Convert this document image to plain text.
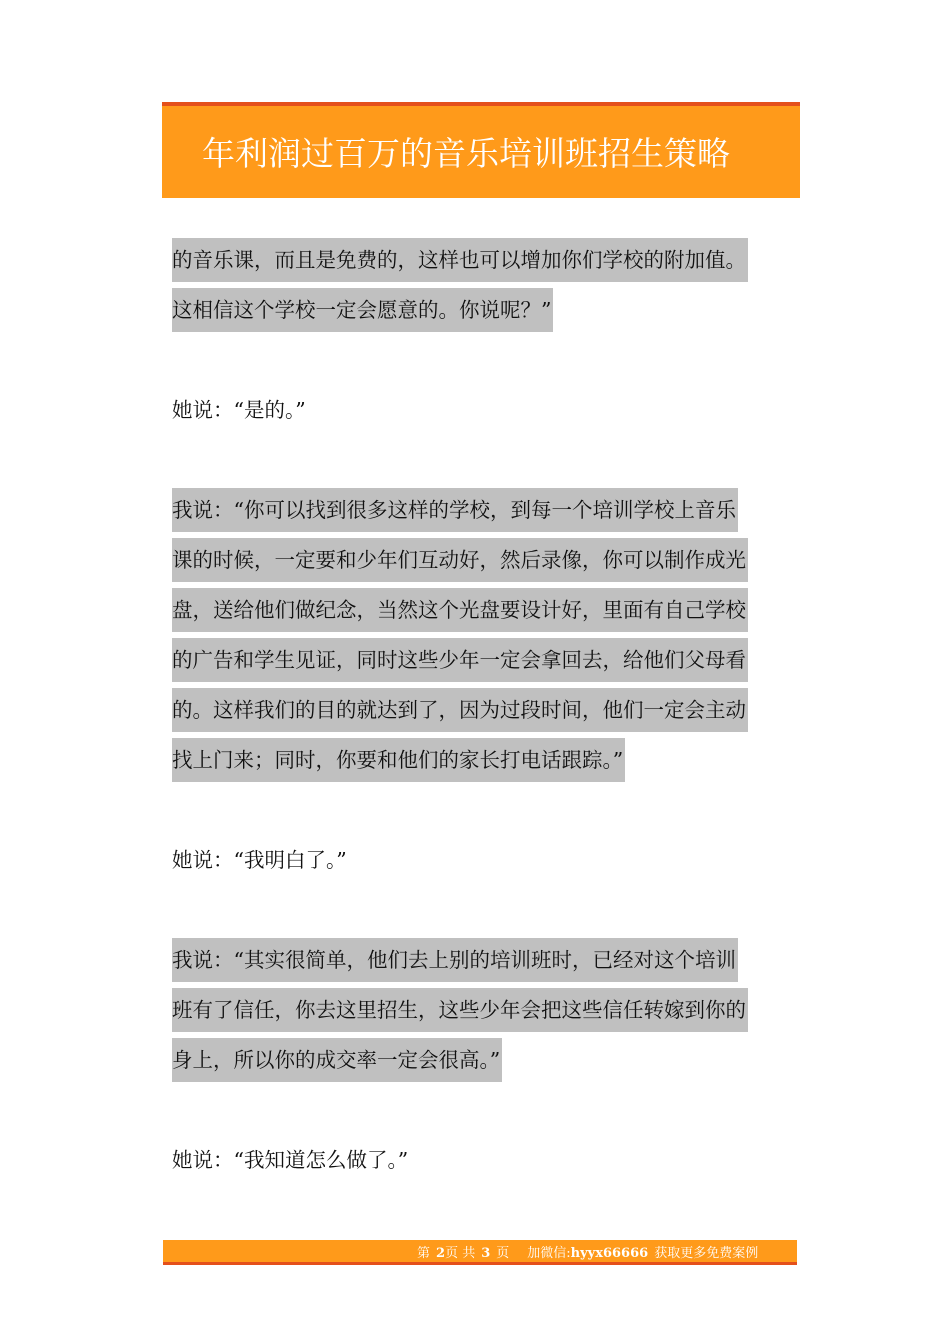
年利润过百万的音乐培训班招生策略

的音乐课，而且是免费的，这样也可以增加你们学校的附加值。
这相信这个学校一定会愿意的。你说呢？”

她说：“是的。”

我说：“你可以找到很多这样的学校，到每一个培训学校上音乐
课的时候，一定要和少年们互动好，然后录像，你可以制作成光
盘，送给他们做纪念，当然这个光盘要设计好，里面有自己学校
的广告和学生见证，同时这些少年一定会拿回去，给他们父母看
的。这样我们的目的就达到了，因为过段时间，他们一定会主动
找上门来；同时，你要和他们的家长打电话跟踪。”

她说：“我明白了。”

我说：“其实很简单，他们去上别的培训班时，已经对这个培训
班有了信任，你去这里招生，这些少年会把这些信任转嫁到你的
身上，所以你的成交率一定会很高。”

她说：“我知道怎么做了。”

第 2页 共 3 页 加微信:hyyx66666 获取更多免费案例
